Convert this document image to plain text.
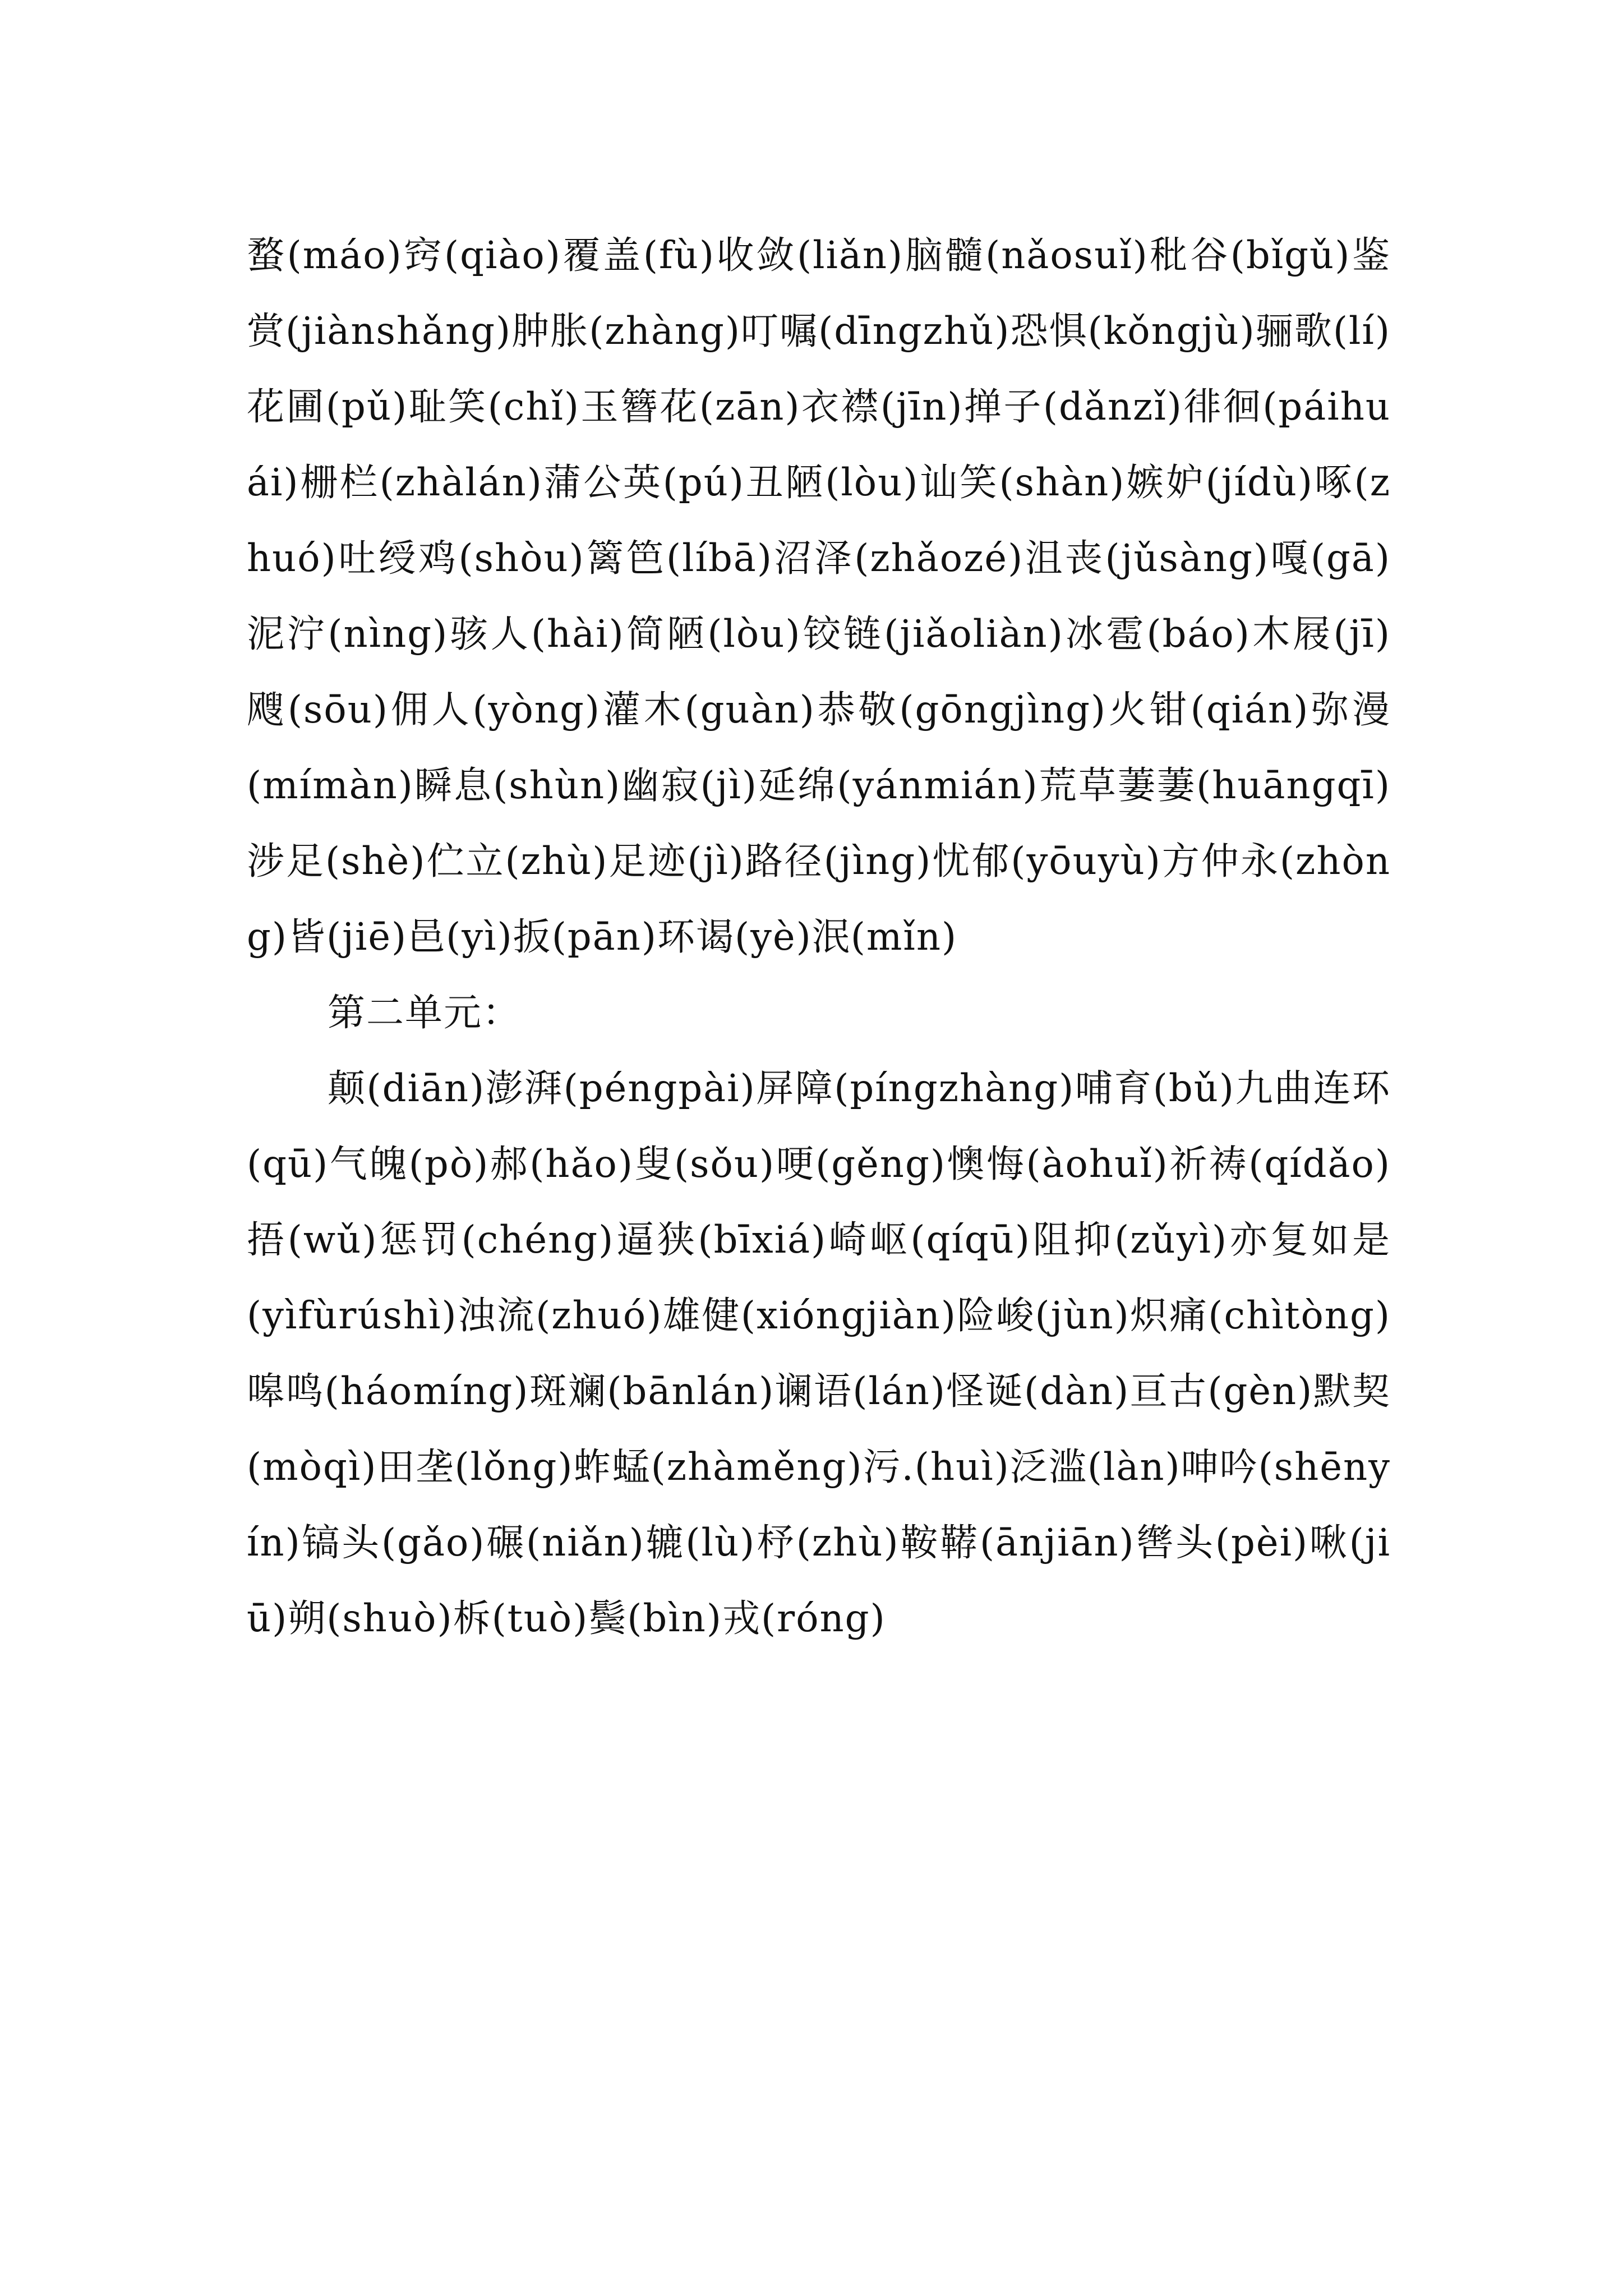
蝥(máo)窍(qiào)覆盖(fù)收敛(liǎn)脑髓(nǎosuǐ)秕谷(bǐgǔ)鉴赏(jiànshǎng)肿胀(zhàng)叮嘱(dīngzhǔ)恐惧(kǒngjù)骊歌(lí)花圃(pǔ)耻笑(chǐ)玉簪花(zān)衣襟(jīn)掸子(dǎnzǐ)徘徊(páihuái)栅栏(zhàlán)蒲公英(pú)丑陋(lòu)讪笑(shàn)嫉妒(jídù)啄(zhuó)吐绶鸡(shòu)篱笆(líbā)沼泽(zhǎozé)沮丧(jǔsàng)嘎(gā)泥泞(nìng)骇人(hài)简陋(lòu)铰链(jiǎoliàn)冰雹(báo)木屐(jī)飕(sōu)佣人(yòng)灌木(guàn)恭敬(gōngjìng)火钳(qián)弥漫(mímàn)瞬息(shùn)幽寂(jì)延绵(yánmián)荒草萋萋(huāngqī)涉足(shè)伫立(zhù)足迹(jì)路径(jìng)忧郁(yōuyù)方仲永(zhòng)皆(jiē)邑(yì)扳(pān)环谒(yè)泯(mǐn)

第二单元：

颠(diān)澎湃(péngpài)屏障(píngzhàng)哺育(bǔ)九曲连环(qū)气魄(pò)郝(hǎo)叟(sǒu)哽(gěng)懊悔(àohuǐ)祈祷(qídǎo)捂(wǔ)惩罚(chéng)逼狭(bīxiá)崎岖(qíqū)阻抑(zǔyì)亦复如是(yìfùrúshì)浊流(zhuó)雄健(xióngjiàn)险峻(jùn)炽痛(chìtòng)嗥鸣(háomíng)斑斓(bānlán)谰语(lán)怪诞(dàn)亘古(gèn)默契(mòqì)田垄(lǒng)蚱蜢(zhàměng)污.(huì)泛滥(làn)呻吟(shēnyín)镐头(gǎo)碾(niǎn)辘(lù)杼(zhù)鞍鞯(ānjiān)辔头(pèi)啾(jiū)朔(shuò)柝(tuò)鬓(bìn)戎(róng)
